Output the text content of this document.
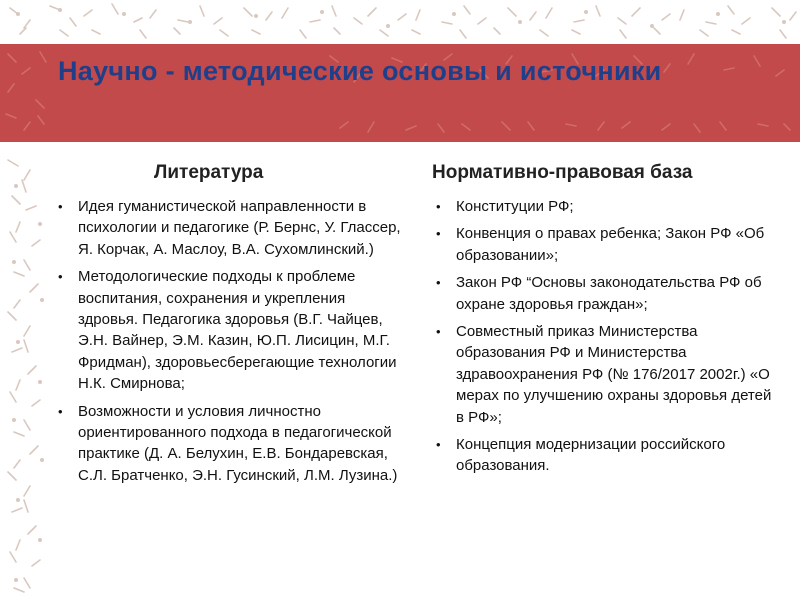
Научно - методические основы и источники
Литература	Нормативно-правовая база
• Идея гуманистической направленности в психологии и педагогике (Р. Бернс, У. Глассер, Я. Корчак, А. Маслоу, В.А. Сухомлинский.)
• Методологические подходы к проблеме воспитания, сохранения и укрепления здровья. Педагогика здоровья (В.Г. Чайцев, Э.Н. Вайнер, Э.М. Казин, Ю.П. Лисицин, М.Г. Фридман), здоровьесберегающие технологии Н.К. Смирнова;
• Возможности и условия личностно ориентированного подхода в педагогической практике (Д. А. Белухин, Е.В. Бондаревская, С.Л. Братченко, Э.Н. Гусинский, Л.М. Лузина.)
• Конституции РФ;
• Конвенция о правах ребенка; Закон РФ «Об образовании»;
• Закон РФ “Основы законодательства РФ об охране здоровья граждан»;
• Совместный приказ Министерства образования РФ и Министерства здравоохранения РФ (№ 176/2017 2002г.) «О мерах по улучшению охраны здоровья детей в РФ»;
• Концепция модернизации российского образования.
